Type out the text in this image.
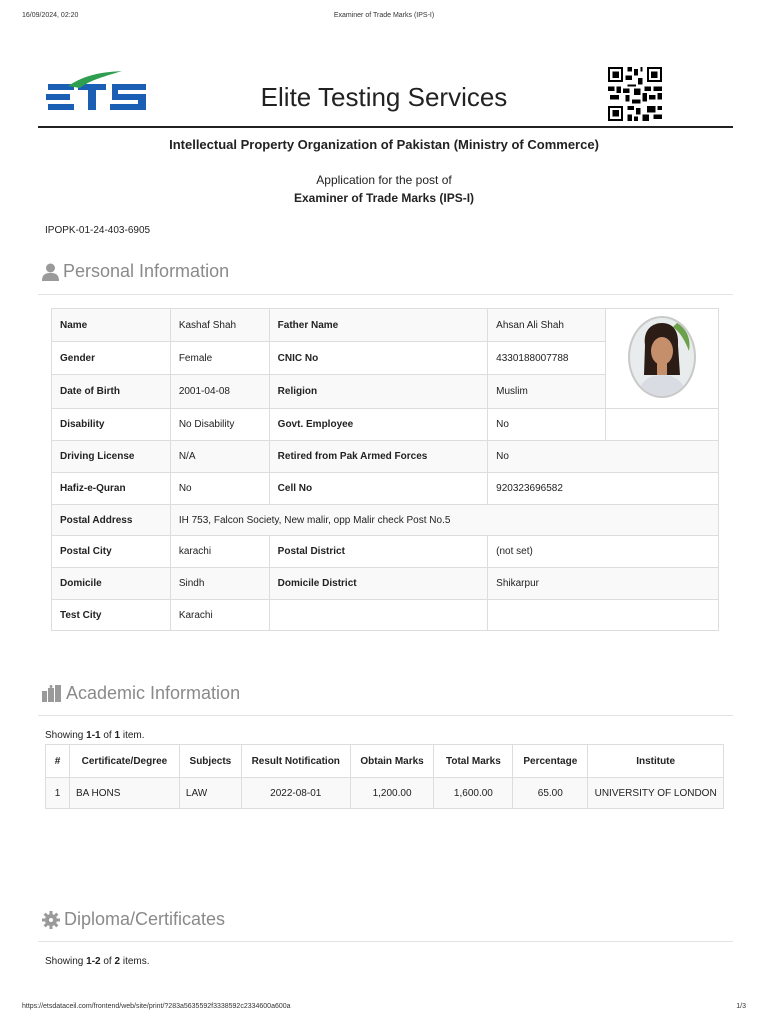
16/09/2024, 02:20	Examiner of Trade Marks (IPS-I)
Elite Testing Services
Intellectual Property Organization of Pakistan (Ministry of Commerce)
Application for the post of
Examiner of Trade Marks (IPS-I)
IPOPK-01-24-403-6905
Personal Information
Name	Kashaf Shah	Father Name	Ahsan Ali Shah	
Gender	Female	CNIC No	4330188007788	
Date of Birth	2001-04-08	Religion	Muslim	
Disability	No Disability	Govt. Employee	No	
Driving License	N/A	Retired from Pak Armed Forces	No	
Hafiz-e-Quran	No	Cell No	920323696582	
Postal Address	IH 753, Falcon Society, New malir, opp Malir check Post No.5			
Postal City	karachi	Postal District	(not set)	
Domicile	Sindh	Domicile District	Shikarpur	
Test City	Karachi			
Academic Information
Showing 1-1 of 1 item.
#	Certificate/Degree	Subjects	Result Notification	Obtain Marks	Total Marks	Percentage	Institute
1	BA HONS	LAW	2022-08-01	1,200.00	1,600.00	65.00	UNIVERSITY OF LONDON
Diploma/Certificates
Showing 1-2 of 2 items.
https://etsdataceil.com/frontend/web/site/print/?283a5635592f3338592c2334600a600a	1/3
